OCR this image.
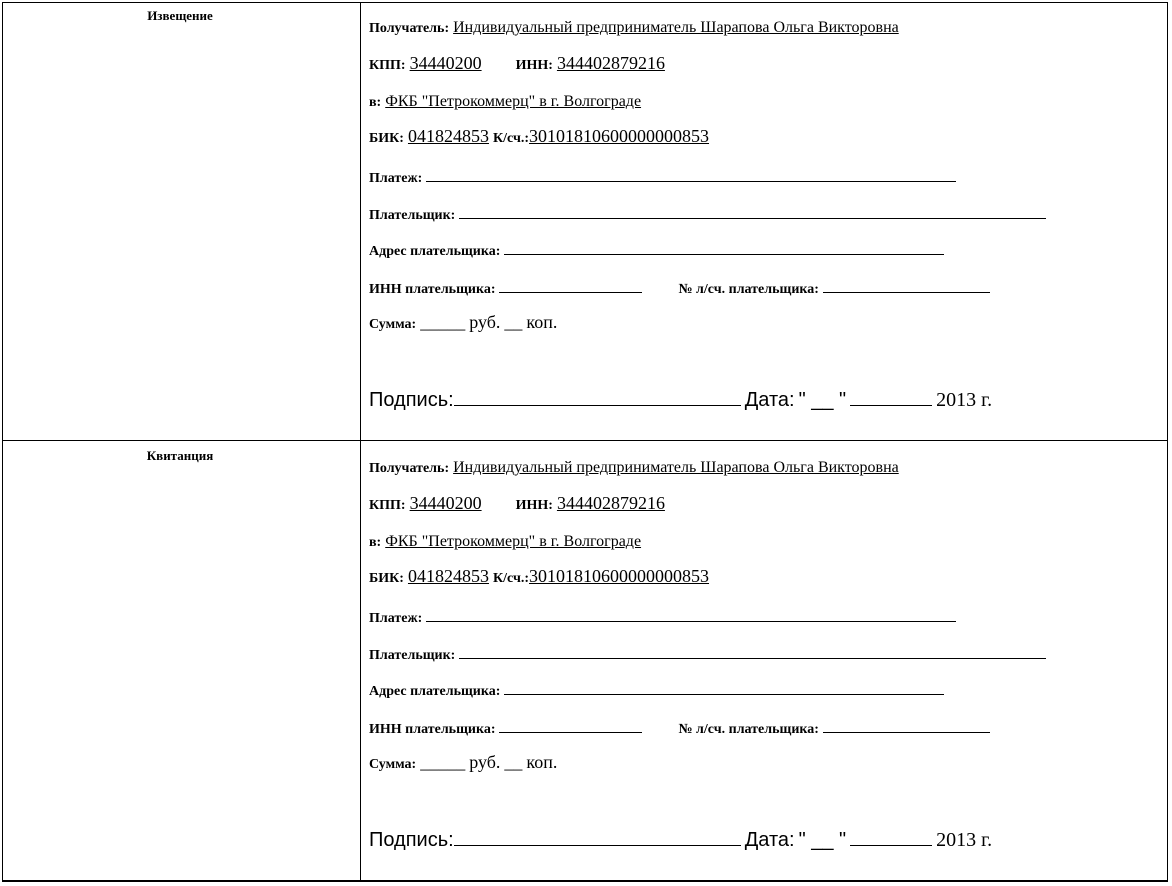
Извещение
Получатель: Индивидуальный предприниматель Шарапова Ольга Викторовна
КПП: 34440200 ИНН: 344402879216
в: ФКБ "Петрокоммерц" в г. Волгограде
БИК: 041824853 К/сч.:30101810600000000853
Платеж:
Плательщик:
Адрес плательщика:
ИНН плательщика:	№ л/сч. плательщика:
Сумма: _____ руб. __ коп.
Подпись:	Дата: " __ "	2013 г.
Квитанция
Получатель: Индивидуальный предприниматель Шарапова Ольга Викторовна
КПП: 34440200 ИНН: 344402879216
в: ФКБ "Петрокоммерц" в г. Волгограде
БИК: 041824853 К/сч.:30101810600000000853
Платеж:
Плательщик:
Адрес плательщика:
ИНН плательщика:	№ л/сч. плательщика:
Сумма: _____ руб. __ коп.
Подпись:	Дата: " __ "	2013 г.
